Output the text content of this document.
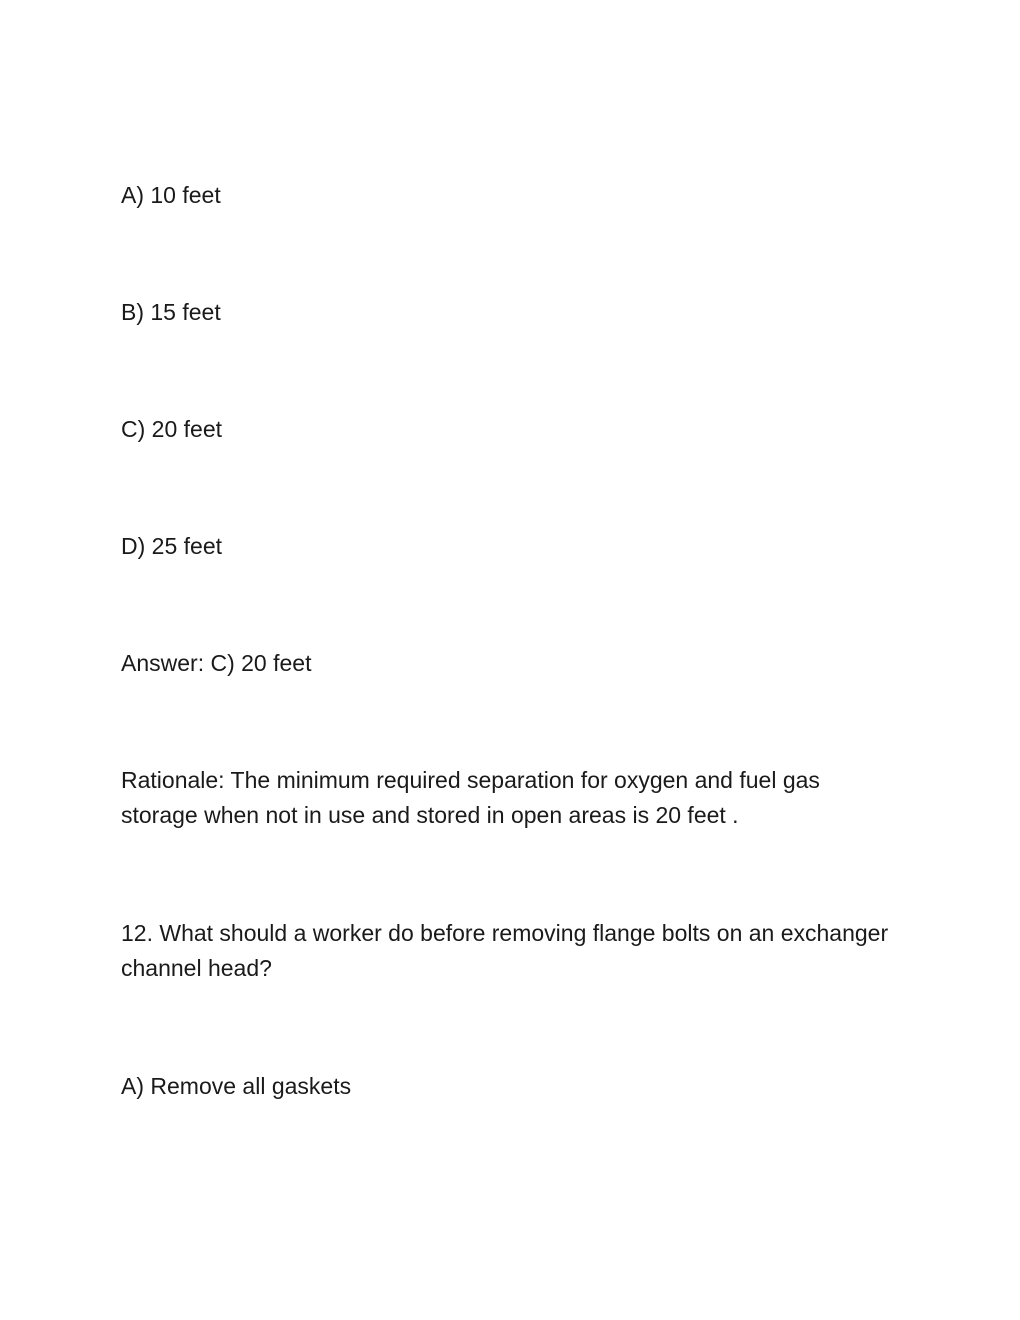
A) 10 feet

B) 15 feet

C) 20 feet

D) 25 feet

Answer: C) 20 feet

Rationale: The minimum required separation for oxygen and fuel gas storage when not in use and stored in open areas is 20 feet .

12. What should a worker do before removing flange bolts on an exchanger channel head?

A) Remove all gaskets
